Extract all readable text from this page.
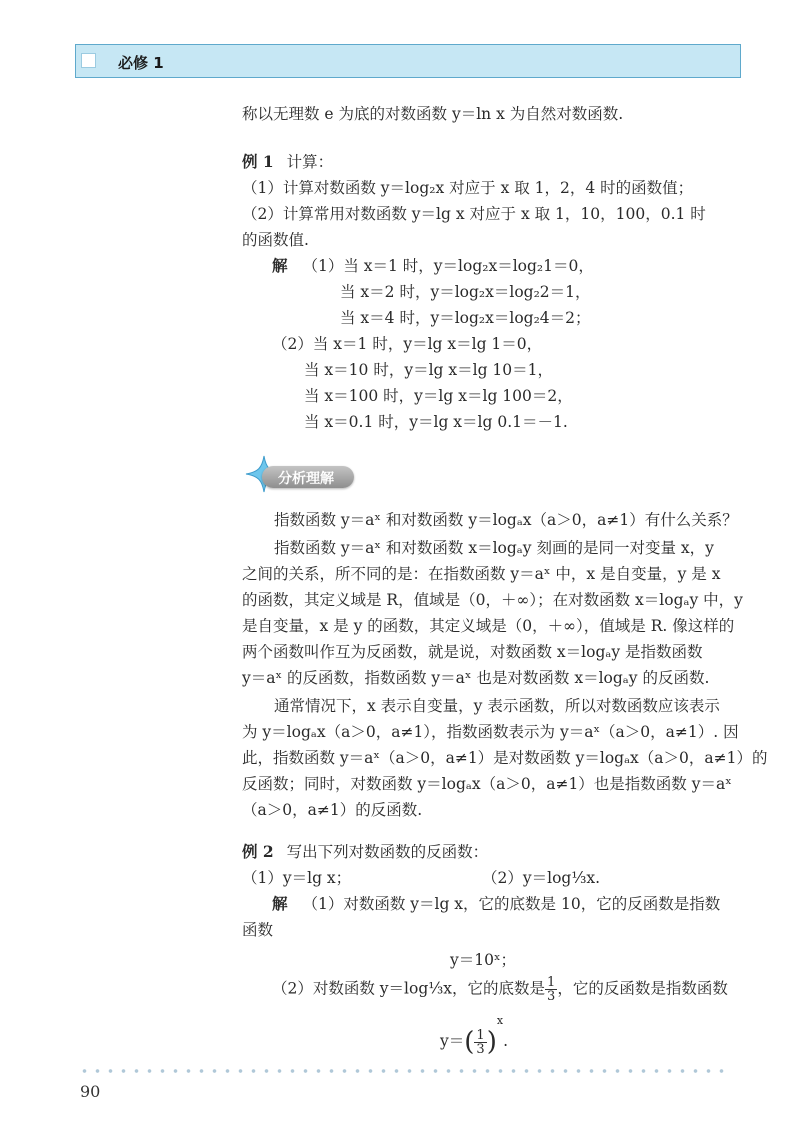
必修 1
称以无理数 e 为底的对数函数 y＝ln x 为自然对数函数.
例 1 计算：
（1）计算对数函数 y＝log₂x 对应于 x 取 1，2，4 时的函数值；
（2）计算常用对数函数 y＝lg x 对应于 x 取 1，10，100，0.1 时
的函数值.
解 （1）当 x＝1 时，y＝log₂x＝log₂1＝0，
当 x＝2 时，y＝log₂x＝log₂2＝1，
当 x＝4 时，y＝log₂x＝log₂4＝2；
（2）当 x＝1 时，y＝lg x＝lg 1＝0，
当 x＝10 时，y＝lg x＝lg 10＝1，
当 x＝100 时，y＝lg x＝lg 100＝2，
当 x＝0.1 时，y＝lg x＝lg 0.1＝－1.
指数函数 y＝aˣ 和对数函数 y＝logₐx（a＞0，a≠1）有什么关系？
指数函数 y＝aˣ 和对数函数 x＝logₐy 刻画的是同一对变量 x，y
之间的关系，所不同的是：在指数函数 y＝aˣ 中，x 是自变量，y 是 x
的函数，其定义域是 R，值域是（0，＋∞）；在对数函数 x＝logₐy 中，y
是自变量，x 是 y 的函数，其定义域是（0，＋∞），值域是 R. 像这样的
两个函数叫作互为反函数，就是说，对数函数 x＝logₐy 是指数函数
y＝aˣ 的反函数，指数函数 y＝aˣ 也是对数函数 x＝logₐy 的反函数.
通常情况下，x 表示自变量，y 表示函数，所以对数函数应该表示
为 y＝logₐx（a＞0，a≠1），指数函数表示为 y＝aˣ（a＞0，a≠1）. 因
此，指数函数 y＝aˣ（a＞0，a≠1）是对数函数 y＝logₐx（a＞0，a≠1）的
反函数；同时，对数函数 y＝logₐx（a＞0，a≠1）也是指数函数 y＝aˣ
（a＞0，a≠1）的反函数.
例 2 写出下列对数函数的反函数：
（1）y＝lg x；	（2）y＝log⅓x.
解 （1）对数函数 y＝lg x，它的底数是 10，它的反函数是指数
函数
y＝10ˣ；
（2）对数函数 y＝log⅓x，它的底数是 $\frac{1}{3}$ ，它的反函数是指数函数
$y=( \frac{1}{3} )^x$.
分析理解
90
